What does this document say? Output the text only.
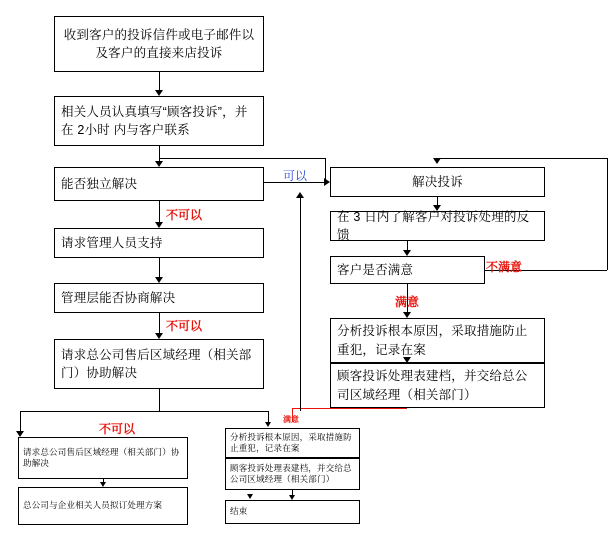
收到客户的投诉信件或电子邮件以及客户的直接来店投诉
相关人员认真填写“顾客投诉”，并在 2小时 内与客户联系
能否独立解决
请求管理人员支持
管理层能否协商解决
请求总公司售后区域经理（相关部门）协助解决
请求总公司售后区域经理（相关部门）协助解决
总公司与企业相关人员拟订处理方案
解决投诉
在 3 日内了解客户对投诉处理的反馈
客户是否满意
分析投诉根本原因，采取措施防止重犯，记录在案
顾客投诉处理表建档，并交给总公司区域经理（相关部门）
分析投诉根本原因，采取措施防止重犯，记录在案
顾客投诉处理表建档，并交给总公司区域经理（相关部门）
结束
不可以
不可以
不可以
可以
不满意
满意
满意
